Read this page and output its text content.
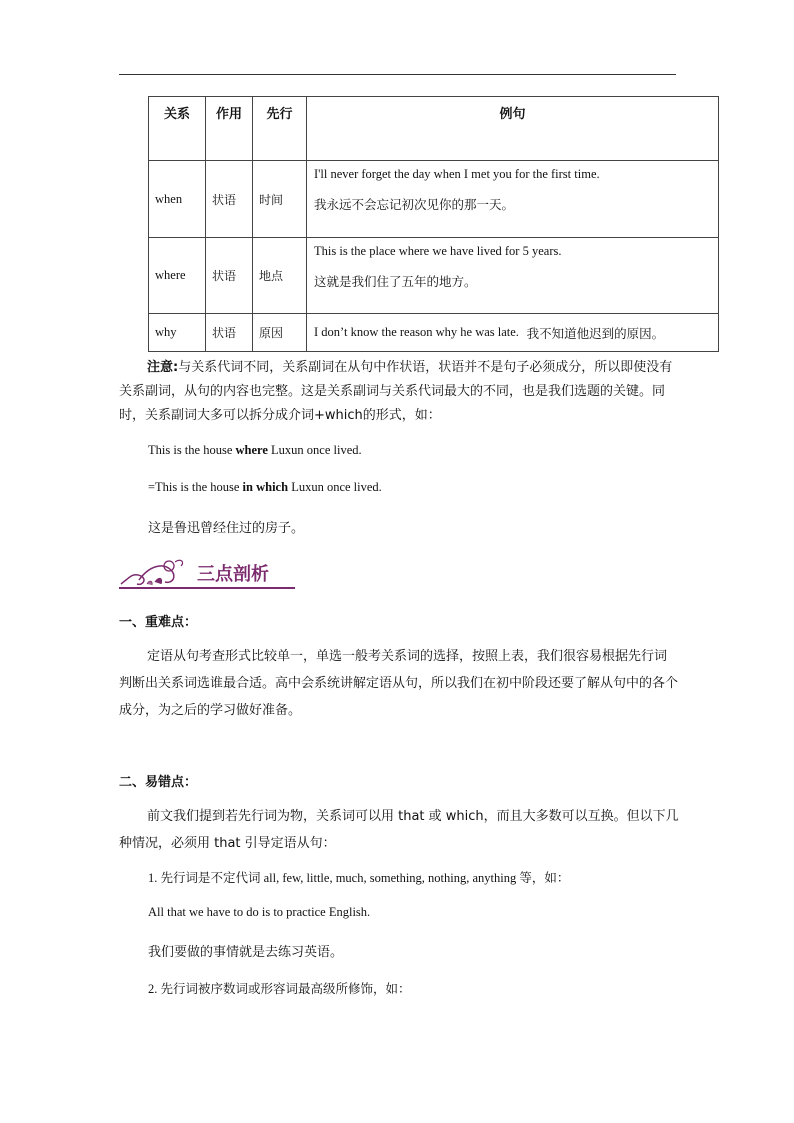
关系	作用	先行	例句

when	状语	时间	I'll never forget the day when I met you for the first time.
我永远不会忘记初次见你的那一天。

where	状语	地点	This is the place where we have lived for 5 years.
这就是我们住了五年的地方。

why	状语	原因	I don’t know the reason why he was late.
我不知道他迟到的原因。
注意:与关系代词不同，关系副词在从句中作状语，状语并不是句子必须成分，所以即使没有关系副词，从句的内容也完整。这是关系副词与关系代词最大的不同，也是我们选题的关键。同时，关系副词大多可以拆分成介词+which的形式，如：
This is the house where Luxun once lived.
=This is the house in which Luxun once lived.
这是鲁迅曾经住过的房子。
三点剖析
一、重难点：
定语从句考查形式比较单一，单选一般考关系词的选择，按照上表，我们很容易根据先行词判断出关系词选谁最合适。高中会系统讲解定语从句，所以我们在初中阶段还要了解从句中的各个成分，为之后的学习做好准备。
二、易错点：
前文我们提到若先行词为物，关系词可以用 that 或 which，而且大多数可以互换。但以下几种情况，必须用 that 引导定语从句：
1. 先行词是不定代词 all, few, little, much, something, nothing, anything 等，如：
All that we have to do is to practice English.
我们要做的事情就是去练习英语。
2. 先行词被序数词或形容词最高级所修饰，如：
